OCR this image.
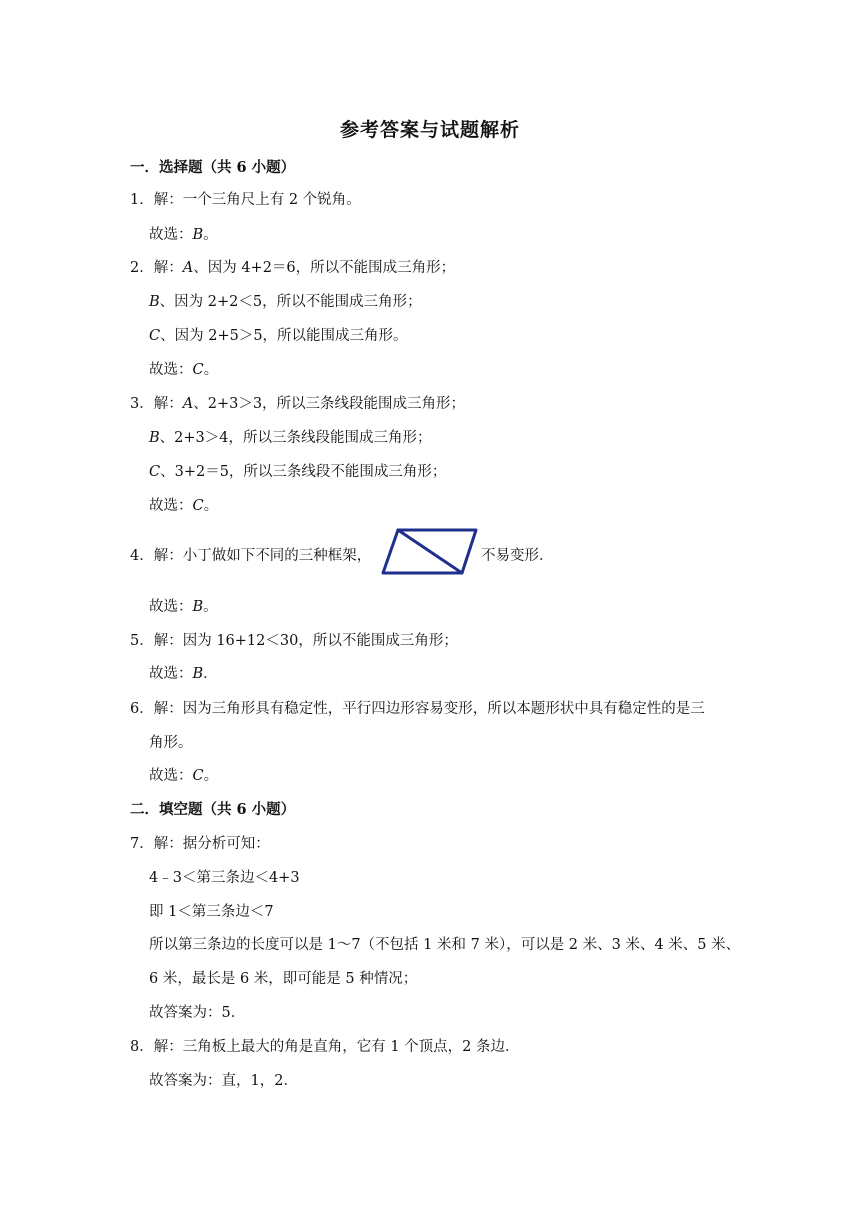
参考答案与试题解析
一．选择题（共 6 小题）
1．解：一个三角尺上有 2 个锐角。
故选：B。
2．解：A、因为 4+2＝6，所以不能围成三角形；
B、因为 2+2＜5，所以不能围成三角形；
C、因为 2+5＞5，所以能围成三角形。
故选：C。
3．解：A、2+3＞3，所以三条线段能围成三角形；
B、2+3＞4，所以三条线段能围成三角形；
C、3+2＝5，所以三条线段不能围成三角形；
故选：C。
4．解：小丁做如下不同的三种框架，	不易变形．
故选：B。
5．解：因为 16+12＜30，所以不能围成三角形；
故选：B．
6．解：因为三角形具有稳定性，平行四边形容易变形，所以本题形状中具有稳定性的是三
角形。
故选：C。
二．填空题（共 6 小题）
7．解：据分析可知：
4﹣3＜第三条边＜4+3
即 1＜第三条边＜7
所以第三条边的长度可以是 1～7（不包括 1 米和 7 米），可以是 2 米、3 米、4 米、5 米、
6 米，最长是 6 米，即可能是 5 种情况；
故答案为：5．
8．解：三角板上最大的角是直角，它有 1 个顶点，2 条边．
故答案为：直，1，2．
